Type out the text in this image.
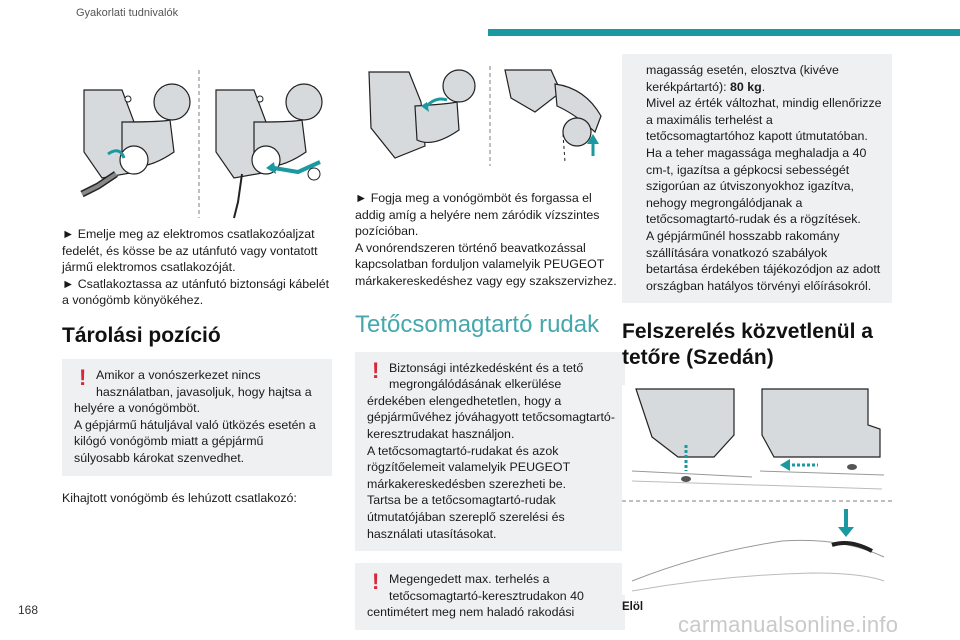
Gyakorlati tudnivalók

► Emelje meg az elektromos csatlakozóaljzat fedelét, és kösse be az utánfutó vagy vontatott jármű elektromos csatlakozóját.

► Csatlakoztassa az utánfutó biztonsági kábelét a vonógömb könyökéhez.

Tárolási pozíció
! Amikor a vonószerkezet nincs

használatban, javasoljuk, hogy hajtsa a

helyére a vonógömböt.

A gépjármű hátuljával való ütközés esetén a kilógó vonógömb miatt a gépjármű súlyosabb károkat szenvedhet.

Kihajtott vonógömb és lehúzott csatlakozó:

► Fogja meg a vonógömböt és forgassa el addig amíg a helyére nem záródik vízszintes pozícióban.

A vonórendszeren történő beavatkozással kapcsolatban forduljon valamelyik PEUGEOT márkakereskedéshez vagy egy szakszervizhez.

Tetőcsomagtartó rudak
! Biztonsági intézkedésként és a tető

megrongálódásának elkerülése

érdekében elengedhetetlen, hogy a gépjárművéhez jóváhagyott tetőcsomagtartó-keresztrudakat használjon.

A tetőcsomagtartó-rudakat és azok rögzítőelemeit valamelyik PEUGEOT márkakereskedésben szerezheti be.

Tartsa be a tetőcsomagtartó-rudak útmutatójában szereplő szerelési és használati utasításokat.

! Megengedett max. terhelés a

tetőcsomagtartó-keresztrudakon 40

centimétert meg nem haladó rakodási

magasság esetén, elosztva (kivéve kerékpártartó): 80 kg.

Mivel az érték változhat, mindig ellenőrizze a maximális terhelést a tetőcsomagtartóhoz kapott útmutatóban.

Ha a teher magassága meghaladja a 40 cm-t, igazítsa a gépkocsi sebességét szigorúan az útviszonyokhoz igazítva, nehogy megrongálódjanak a tetőcsomagtartó-rudak és a rögzítések.

A gépjárműnél hosszabb rakomány szállítására vonatkozó szabályok betartása érdekében tájékozódjon az adott országban hatályos törvényi előírásokról.

Felszerelés közvetlenül a tetőre (Szedán)

Elöl

168
carmanualsonline.info
